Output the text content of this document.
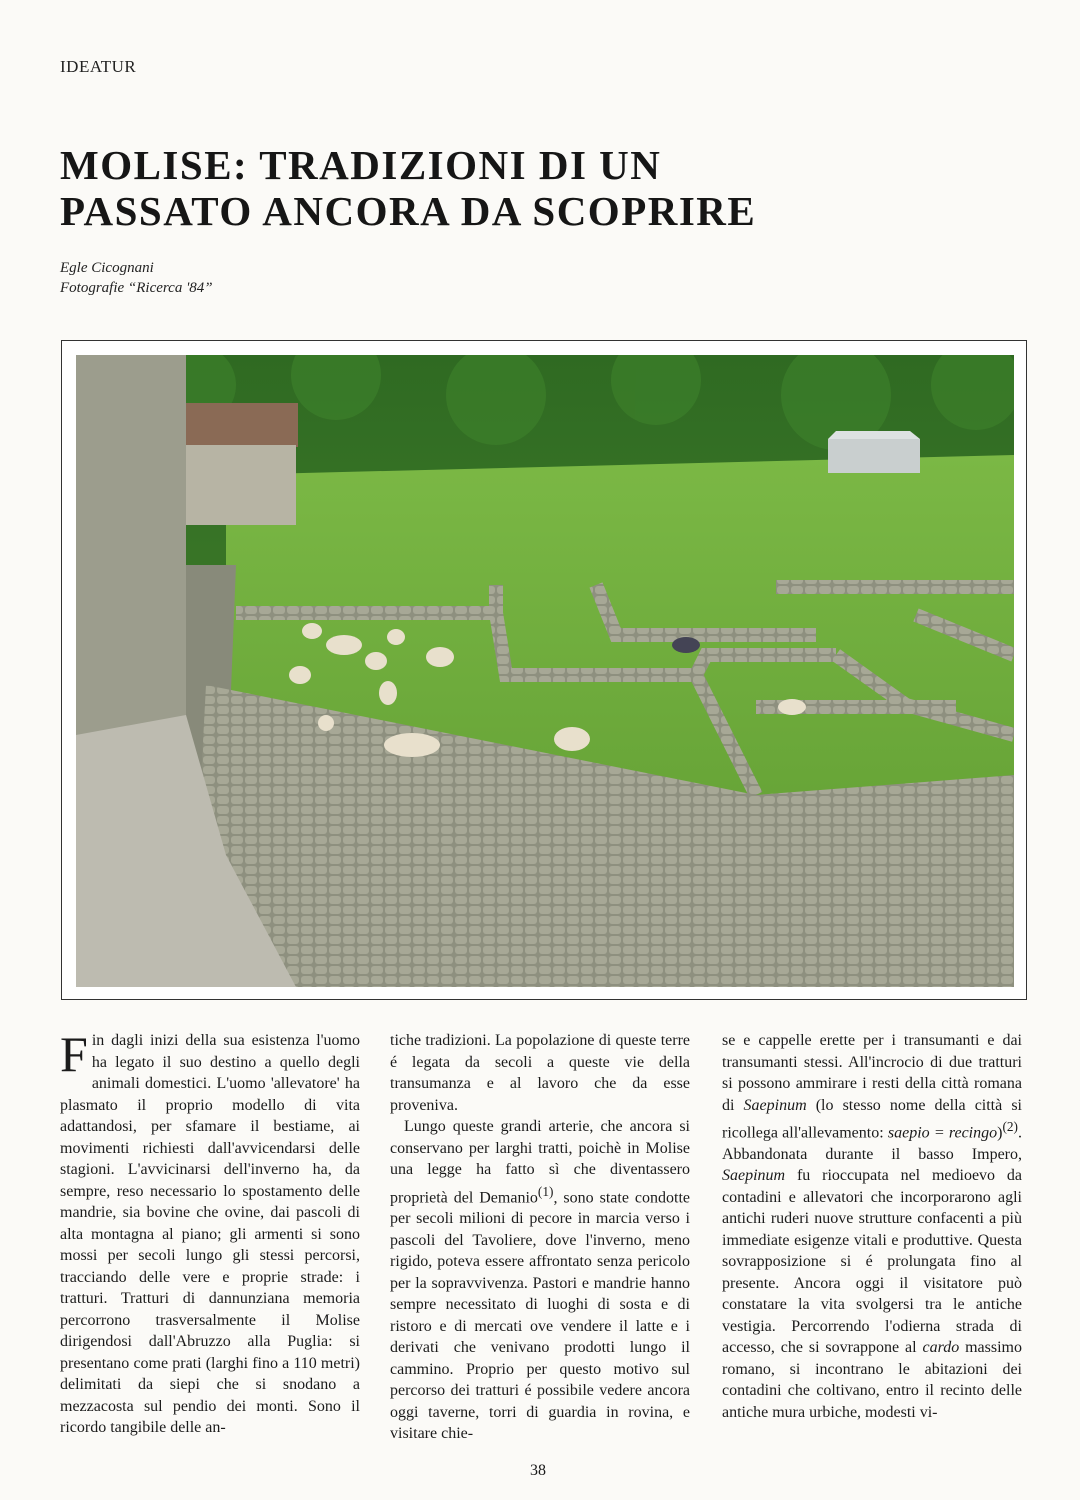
IDEATUR
MOLISE: TRADIZIONI DI UN
PASSATO ANCORA DA SCOPRIRE
Egle Cicognani
Fotografie “Ricerca '84”

Fin dagli inizi della sua esistenza l'uomo ha legato il suo destino a quello degli animali domestici. L'uomo 'allevatore' ha plasmato il proprio modello di vita adattandosi, per sfamare il bestiame, ai movimenti richiesti dall'avvicendarsi delle stagioni. L'avvicinarsi dell'inverno ha, da sempre, reso necessario lo spostamento delle mandrie, sia bovine che ovine, dai pascoli di alta montagna al piano; gli armenti si sono mossi per secoli lungo gli stessi percorsi, tracciando delle vere e proprie strade: i tratturi. Tratturi di dannunziana memoria percorrono trasversalmente il Molise dirigendosi dall'Abruzzo alla Puglia: si presentano come prati (larghi fino a 110 metri) delimitati da siepi che si snodano a mezzacosta sul pendio dei monti. Sono il ricordo tangibile delle an-

tiche tradizioni. La popolazione di queste terre é legata da secoli a queste vie della transumanza e al lavoro che da esse proveniva.

Lungo queste grandi arterie, che ancora si conservano per larghi tratti, poichè in Molise una legge ha fatto sì che diventassero proprietà del Demanio$^{(1)}$, sono state condotte per secoli milioni di pecore in marcia verso i pascoli del Tavoliere, dove l'inverno, meno rigido, poteva essere affrontato senza pericolo per la sopravvivenza. Pastori e mandrie hanno sempre necessitato di luoghi di sosta e di ristoro e di mercati ove vendere il latte e i derivati che venivano prodotti lungo il cammino. Proprio per questo motivo sul percorso dei tratturi é possibile vedere ancora oggi taverne, torri di guardia in rovina, e visitare chie-

se e cappelle erette per i transumanti e dai transumanti stessi. All'incrocio di due tratturi si possono ammirare i resti della città romana di Saepinum (lo stesso nome della città si ricollega all'allevamento: saepio = recingo)$^{(2)}$. Abbandonata durante il basso Impero, Saepinum fu rioccupata nel medioevo da contadini e allevatori che incorporarono agli antichi ruderi nuove strutture confacenti a più immediate esigenze vitali e produttive. Questa sovrapposizione si é prolungata fino al presente. Ancora oggi il visitatore può constatare la vita svolgersi tra le antiche vestigia. Percorrendo l'odierna strada di accesso, che si sovrappone al cardo massimo romano, si incontrano le abitazioni dei contadini che coltivano, entro il recinto delle antiche mura urbiche, modesti vi-

38
